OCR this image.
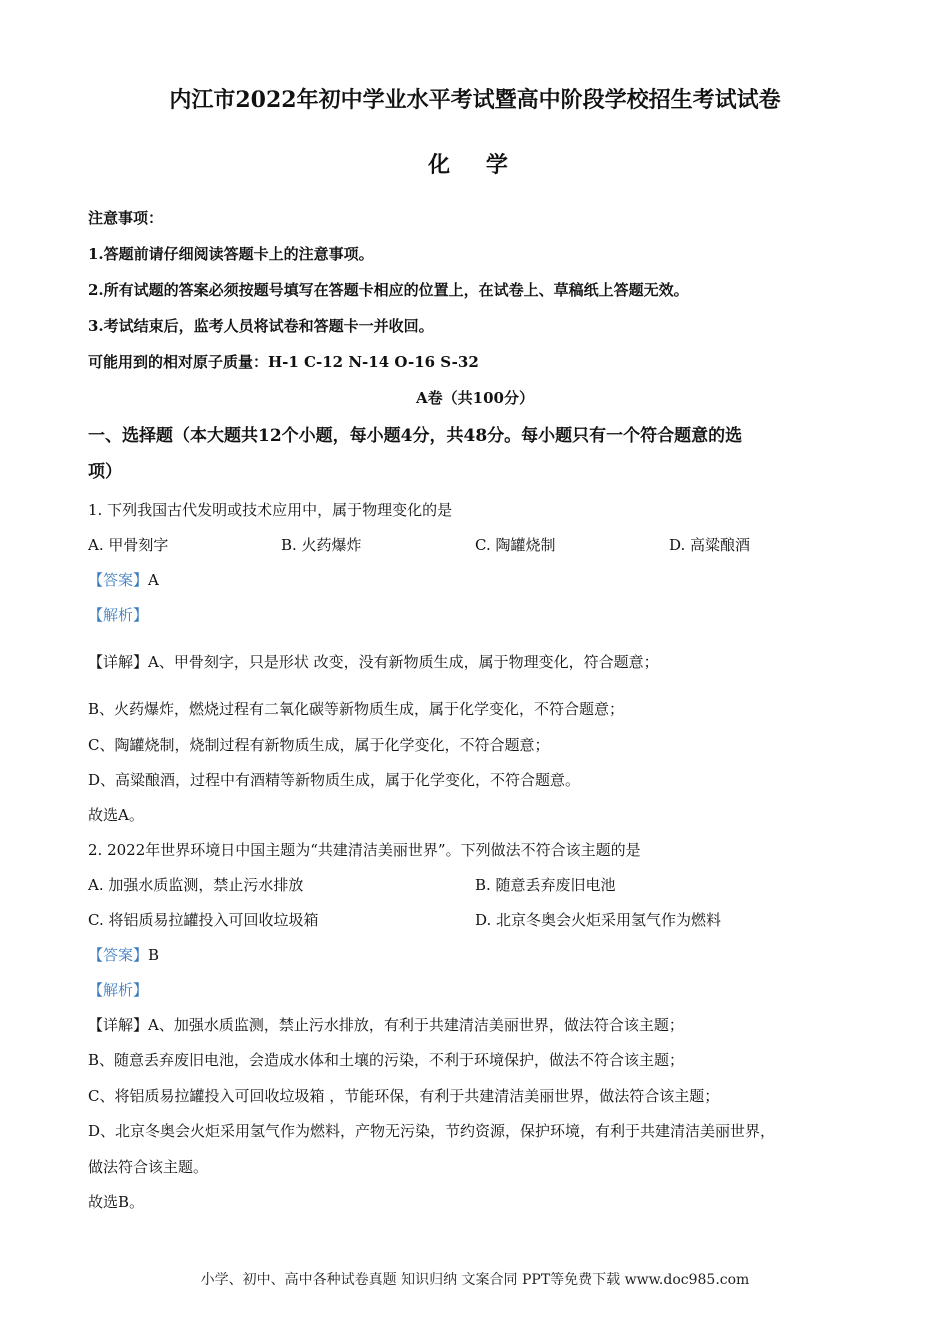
内江市2022年初中学业水平考试暨高中阶段学校招生考试试卷
化 学
注意事项：
1.答题前请仔细阅读答题卡上的注意事项。
2.所有试题的答案必须按题号填写在答题卡相应的位置上，在试卷上、草稿纸上答题无效。
3.考试结束后，监考人员将试卷和答题卡一并收回。
可能用到的相对原子质量：H-1 C-12 N-14 O-16 S-32
A卷（共100分）
一、选择题（本大题共12个小题，每小题4分，共48分。每小题只有一个符合题意的选
项）
1. 下列我国古代发明或技术应用中，属于物理变化的是
A. 甲骨刻字	B. 火药爆炸	C. 陶罐烧制	D. 高粱酿酒
【答案】A
【解析】
【详解】A、甲骨刻字，只是形状 改变，没有新物质生成，属于物理变化，符合题意；
B、火药爆炸，燃烧过程有二氧化碳等新物质生成，属于化学变化，不符合题意；
C、陶罐烧制，烧制过程有新物质生成，属于化学变化，不符合题意；
D、高粱酿酒，过程中有酒精等新物质生成，属于化学变化，不符合题意。
故选A。
2. 2022年世界环境日中国主题为“共建清洁美丽世界”。下列做法不符合该主题的是
A. 加强水质监测，禁止污水排放	B. 随意丢弃废旧电池
C. 将铝质易拉罐投入可回收垃圾箱	D. 北京冬奥会火炬采用氢气作为燃料
【答案】B
【解析】
【详解】A、加强水质监测，禁止污水排放，有利于共建清洁美丽世界，做法符合该主题；
B、随意丢弃废旧电池，会造成水体和土壤的污染，不利于环境保护，做法不符合该主题；
C、将铝质易拉罐投入可回收垃圾箱 ，节能环保，有利于共建清洁美丽世界，做法符合该主题；
D、北京冬奥会火炬采用氢气作为燃料，产物无污染，节约资源，保护环境，有利于共建清洁美丽世界，
做法符合该主题。
故选B。
小学、初中、高中各种试卷真题 知识归纳 文案合同 PPT等免费下载 www.doc985.com
